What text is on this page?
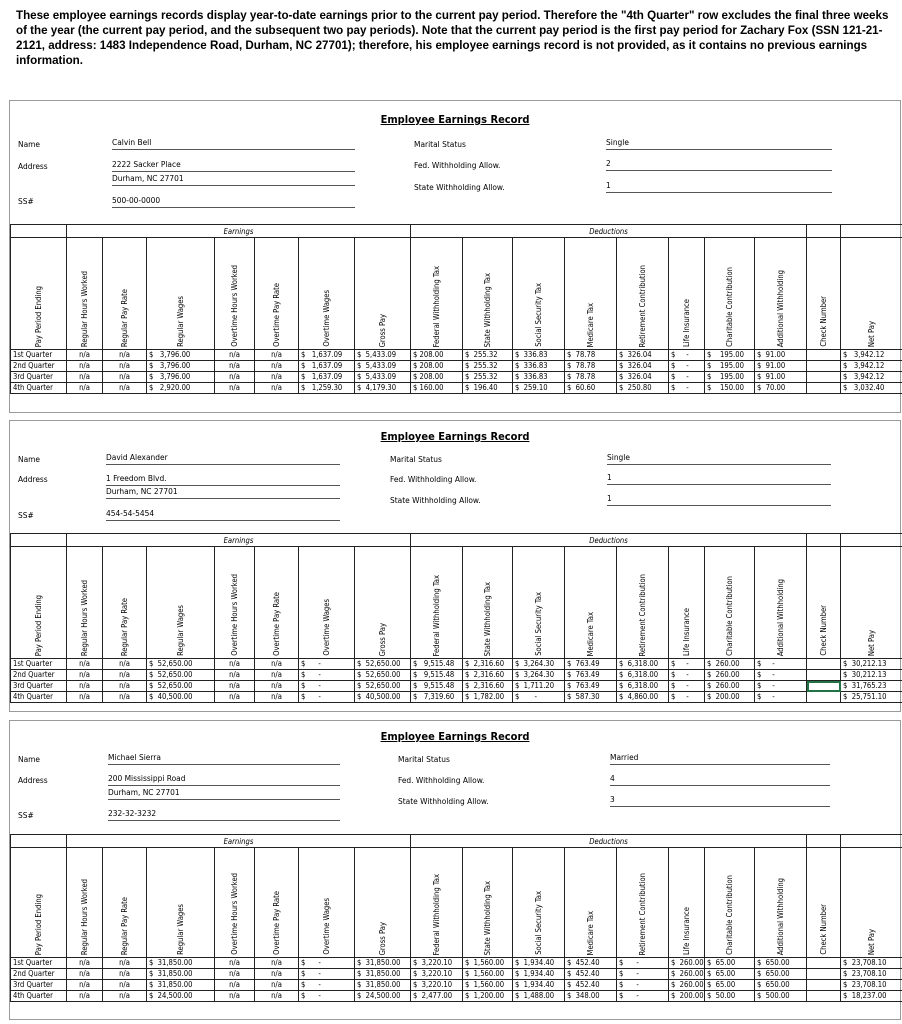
These employee earnings records display year-to-date earnings prior to the current pay period. Therefore the "4th Quarter" row excludes the final three weeks of the year (the current pay period, and the subsequent two pay periods). Note that the current pay period is the first pay period for Zachary Fox (SSN 121-21-2121, address: 1483 Independence Road, Durham, NC 27701); therefore, his employee earnings record is not provided, as it contains no previous earnings information.
Employee Earnings Record
Name	Calvin Bell
Address	2222 Sacker Place
Durham, NC 27701
SS#	500-00-0000
Marital Status	Single
Fed. Withholding Allow.	2
State Withholding Allow.	1
	Earnings							Deductions									

Pay Period Ending	Regular Hours Worked	Regular Pay Rate	Regular Wages	Overtime Hours Worked	Overtime Pay Rate	Overtime Wages	Gross Pay	Federal Withholding Tax	State Withholding Tax	Social Security Tax	Medicare Tax	Retirement Contribution	Life Insurance	Charitable Contribution	Additional Withholding	Check Number	Net Pay

1st Quarter	n/a	n/a	$   3,796.00	n/a	n/a	$   1,637.09	$  5,433.09	$ 208.00	$  255.32	$  336.83	$  78.78	$  326.04	$     -	$    195.00	$  91.00		$   3,942.12
2nd Quarter	n/a	n/a	$   3,796.00	n/a	n/a	$   1,637.09	$  5,433.09	$ 208.00	$  255.32	$  336.83	$  78.78	$  326.04	$     -	$    195.00	$  91.00		$   3,942.12
3rd Quarter	n/a	n/a	$   3,796.00	n/a	n/a	$   1,637.09	$  5,433.09	$ 208.00	$  255.32	$  336.83	$  78.78	$  326.04	$     -	$    195.00	$  91.00		$   3,942.12
4th Quarter	n/a	n/a	$   2,920.00	n/a	n/a	$   1,259.30	$  4,179.30	$ 160.00	$  196.40	$  259.10	$  60.60	$  250.80	$     -	$    150.00	$  70.00		$   3,032.40
Employee Earnings Record
Name	David Alexander
Address	1 Freedom Blvd.
Durham, NC 27701
SS#	454-54-5454
Marital Status	Single
Fed. Withholding Allow.	1
State Withholding Allow.	1
	Earnings							Deductions									

Pay Period Ending	Regular Hours Worked	Regular Pay Rate	Regular Wages	Overtime Hours Worked	Overtime Pay Rate	Overtime Wages	Gross Pay	Federal Withholding Tax	State Withholding Tax	Social Security Tax	Medicare Tax	Retirement Contribution	Life Insurance	Charitable Contribution	Additional Withholding	Check Number	Net Pay

1st Quarter	n/a	n/a	$  52,650.00	n/a	n/a	$      -	$  52,650.00	$   9,515.48	$  2,316.60	$  3,264.30	$  763.49	$  6,318.00	$     -	$  260.00	$     -		$  30,212.13
2nd Quarter	n/a	n/a	$  52,650.00	n/a	n/a	$      -	$  52,650.00	$   9,515.48	$  2,316.60	$  3,264.30	$  763.49	$  6,318.00	$     -	$  260.00	$     -		$  30,212.13
3rd Quarter	n/a	n/a	$  52,650.00	n/a	n/a	$      -	$  52,650.00	$   9,515.48	$  2,316.60	$  1,711.20	$  763.49	$  6,318.00	$     -	$  260.00	$     -		$  31,765.23
4th Quarter	n/a	n/a	$  40,500.00	n/a	n/a	$      -	$  40,500.00	$   7,319.60	$  1,782.00	$       -	$  587.30	$  4,860.00	$     -	$  200.00	$     -		$  25,751.10
Employee Earnings Record
Name	Michael Sierra
Address	200 Mississippi Road
Durham, NC 27701
SS#	232-32-3232
Marital Status	Married
Fed. Withholding Allow.	4
State Withholding Allow.	3
	Earnings							Deductions									

Pay Period Ending	Regular Hours Worked	Regular Pay Rate	Regular Wages	Overtime Hours Worked	Overtime Pay Rate	Overtime Wages	Gross Pay	Federal Withholding Tax	State Withholding Tax	Social Security Tax	Medicare Tax	Retirement Contribution	Life Insurance	Charitable Contribution	Additional Withholding	Check Number	Net Pay

1st Quarter	n/a	n/a	$  31,850.00	n/a	n/a	$      -	$  31,850.00	$  3,220.10	$  1,560.00	$  1,934.40	$  452.40	$      -	$  260.00	$  65.00	$  650.00		$  23,708.10
2nd Quarter	n/a	n/a	$  31,850.00	n/a	n/a	$      -	$  31,850.00	$  3,220.10	$  1,560.00	$  1,934.40	$  452.40	$      -	$  260.00	$  65.00	$  650.00		$  23,708.10
3rd Quarter	n/a	n/a	$  31,850.00	n/a	n/a	$      -	$  31,850.00	$  3,220.10	$  1,560.00	$  1,934.40	$  452.40	$      -	$  260.00	$  65.00	$  650.00		$  23,708.10
4th Quarter	n/a	n/a	$  24,500.00	n/a	n/a	$      -	$  24,500.00	$  2,477.00	$  1,200.00	$  1,488.00	$  348.00	$      -	$  200.00	$  50.00	$  500.00		$  18,237.00
